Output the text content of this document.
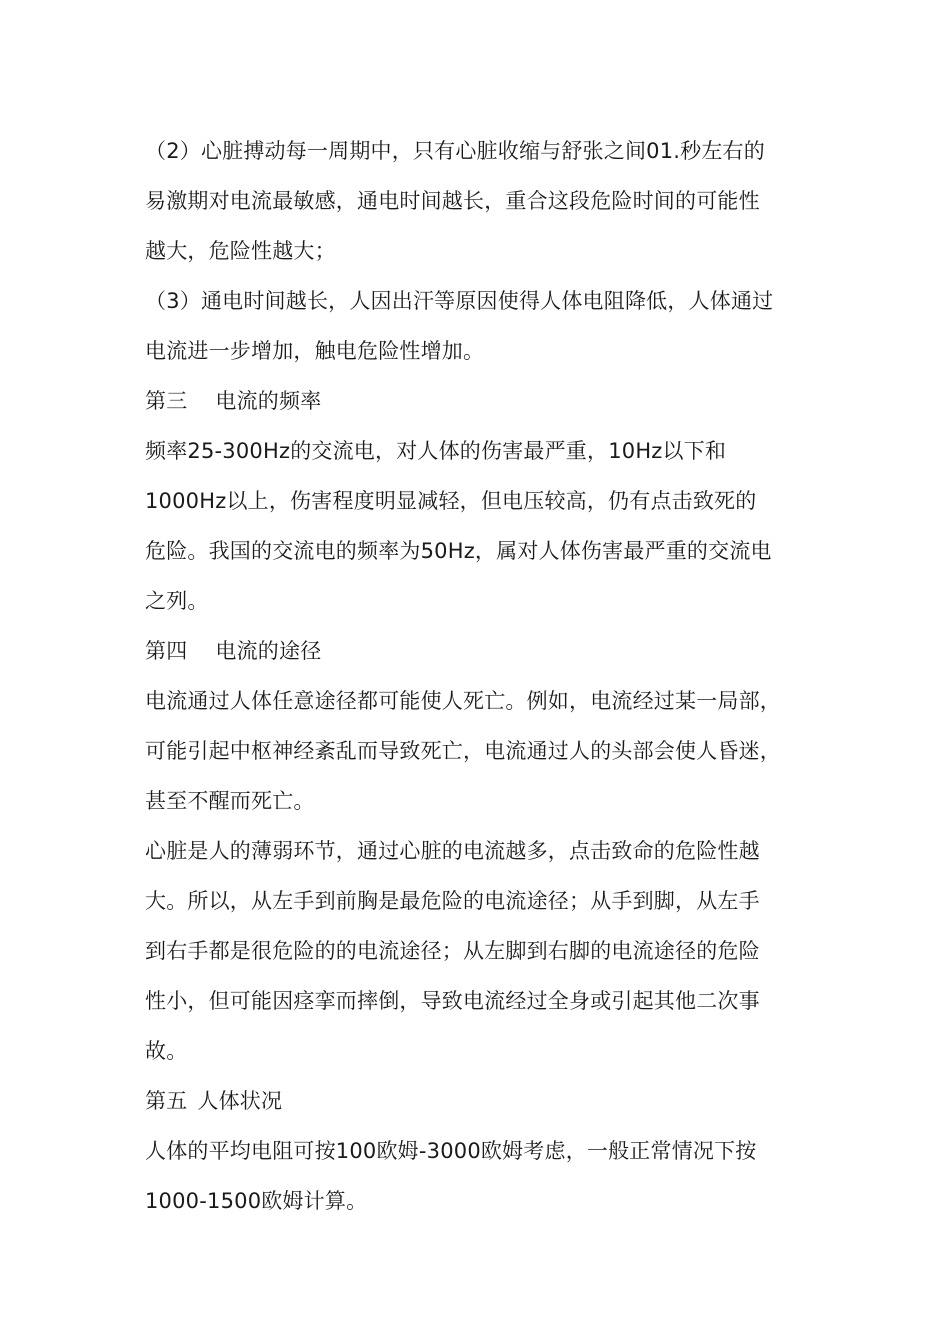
（2）心脏搏动每一周期中，只有心脏收缩与舒张之间01.秒左右的
易激期对电流最敏感，通电时间越长，重合这段危险时间的可能性
越大，危险性越大；
（3）通电时间越长，人因出汗等原因使得人体电阻降低，人体通过
电流进一步增加，触电危险性增加。
第三 电流的频率
频率25-300Hz的交流电，对人体的伤害最严重，10Hz以下和
1000Hz以上，伤害程度明显减轻，但电压较高，仍有点击致死的
危险。我国的交流电的频率为50Hz，属对人体伤害最严重的交流电
之列。
第四 电流的途径
电流通过人体任意途径都可能使人死亡。例如，电流经过某一局部，
可能引起中枢神经紊乱而导致死亡，电流通过人的头部会使人昏迷，
甚至不醒而死亡。
心脏是人的薄弱环节，通过心脏的电流越多，点击致命的危险性越
大。所以，从左手到前胸是最危险的电流途径；从手到脚，从左手
到右手都是很危险的的电流途径；从左脚到右脚的电流途径的危险
性小，但可能因痉挛而摔倒，导致电流经过全身或引起其他二次事
故。
第五 人体状况
人体的平均电阻可按100欧姆-3000欧姆考虑，一般正常情况下按
1000-1500欧姆计算。
